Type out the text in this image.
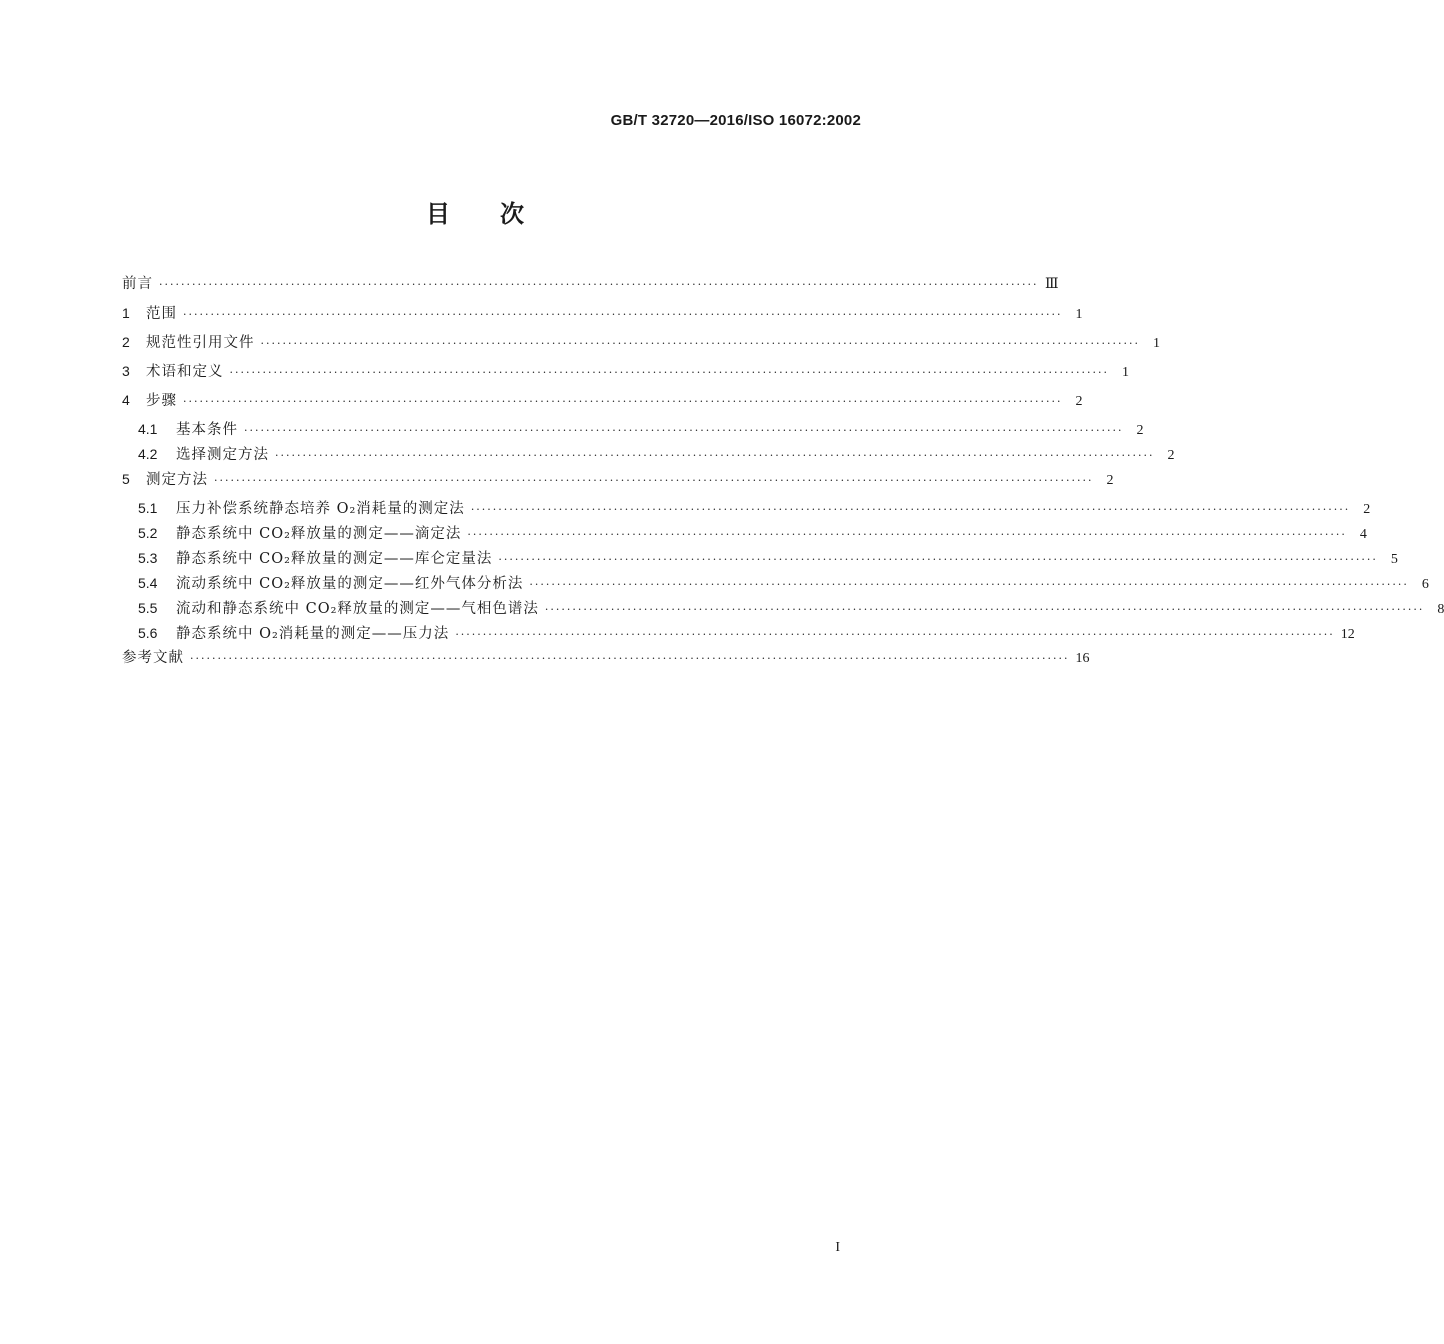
GB/T 32720—2016/ISO 16072:2002
目 次
前言 ································································································································································ Ⅲ
1	范围 ································································································································································ 1
2	规范性引用文件 ································································································································································ 1
3	术语和定义 ································································································································································ 1
4	步骤 ································································································································································ 2
4.1	基本条件 ································································································································································ 2
4.2	选择测定方法 ································································································································································ 2
5	测定方法 ································································································································································ 2
5.1	压力补偿系统静态培养 O₂消耗量的测定法 ································································································································································ 2
5.2	静态系统中 CO₂释放量的测定——滴定法 ································································································································································ 4
5.3	静态系统中 CO₂释放量的测定——库仑定量法 ································································································································································ 5
5.4	流动系统中 CO₂释放量的测定——红外气体分析法 ································································································································································ 6
5.5	流动和静态系统中 CO₂释放量的测定——气相色谱法 ································································································································································ 8
5.6	静态系统中 O₂消耗量的测定——压力法 ································································································································································ 12
参考文献 ································································································································································ 16
I
